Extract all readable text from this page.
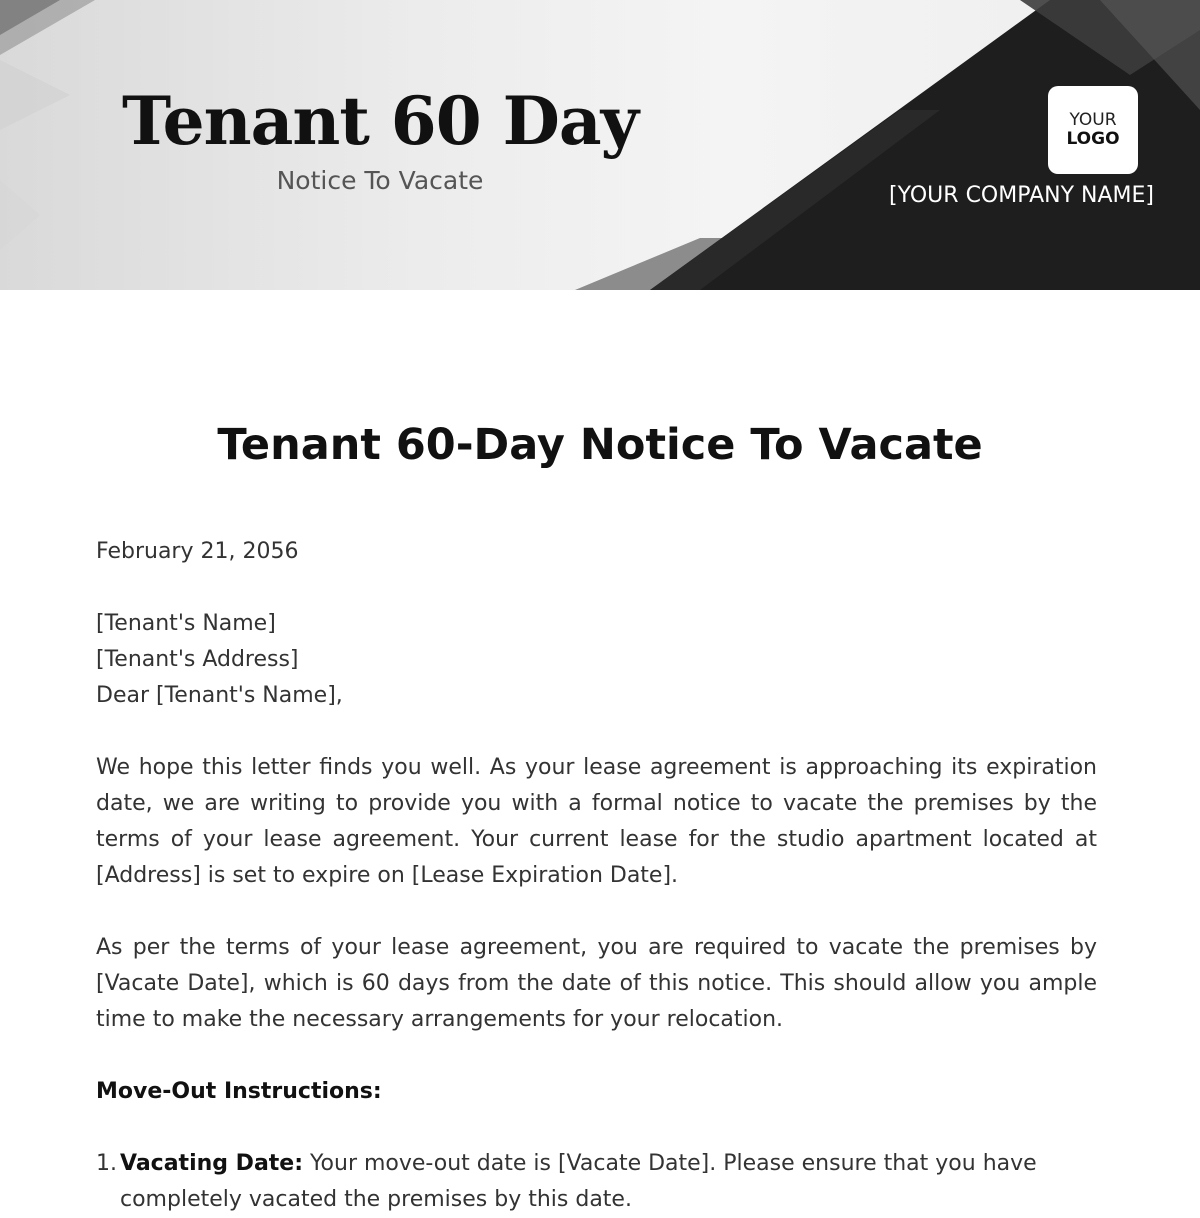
Tenant 60 Day
Notice To Vacate
YOUR
LOGO
[YOUR COMPANY NAME]
Tenant 60-Day Notice To Vacate

February 21, 2056

[Tenant's Name]

[Tenant's Address]

Dear [Tenant's Name],

We hope this letter finds you well. As your lease agreement is approaching its expiration date, we are writing to provide you with a formal notice to vacate the premises by the terms of your lease agreement. Your current lease for the studio apartment located at [Address] is set to expire on [Lease Expiration Date].

As per the terms of your lease agreement, you are required to vacate the premises by [Vacate Date], which is 60 days from the date of this notice. This should allow you ample time to make the necessary arrangements for your relocation.

Move-Out Instructions:

1. Vacating Date: Your move-out date is [Vacate Date]. Please ensure that you have completely vacated the premises by this date.
